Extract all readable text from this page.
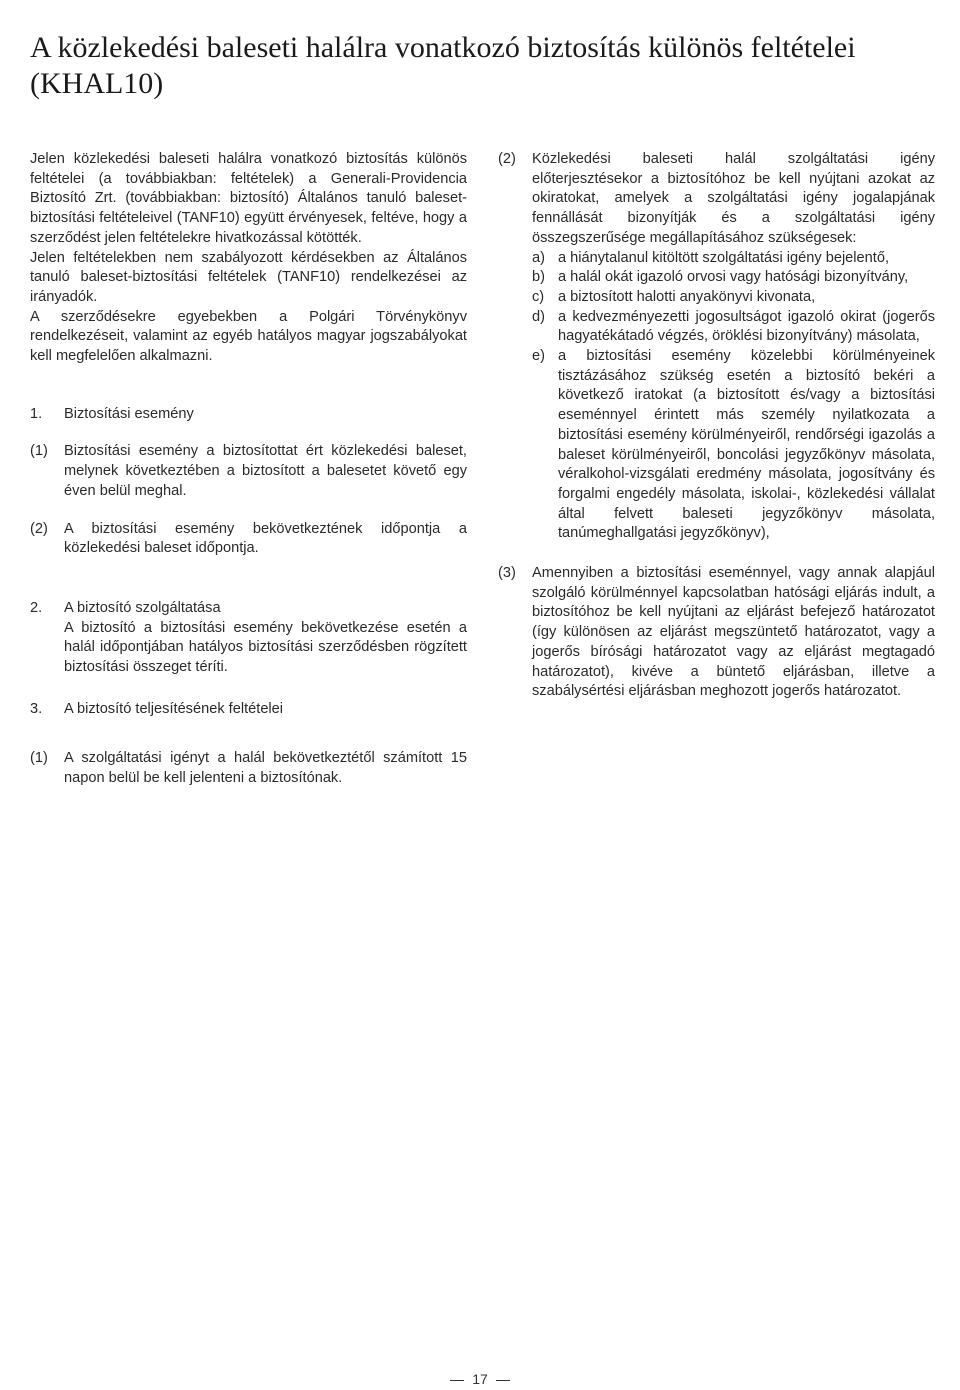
A közlekedési baleseti halálra vonatkozó biztosítás különös feltételei (KHAL10)

Jelen közlekedési baleseti halálra vonatkozó biztosítás különös feltételei (a továbbiakban: feltételek) a Generali-Providencia Biztosító Zrt. (továbbiakban: biztosító) Általános tanuló baleset-biztosítási feltételeivel (TANF10) együtt érvényesek, feltéve, hogy a szerződést jelen feltételekre hivatkozással kötötték.

Jelen feltételekben nem szabályozott kérdésekben az Általános tanuló baleset-biztosítási feltételek (TANF10) rendelkezései az irányadók.

A szerződésekre egyebekben a Polgári Törvénykönyv rendelkezéseit, valamint az egyéb hatályos magyar jogszabályokat kell megfelelően alkalmazni.

1.	Biztosítási esemény
(1)	Biztosítási esemény a biztosítottat ért közlekedési baleset, melynek következtében a biztosított a balesetet követő egy éven belül meghal.
(2)	A biztosítási esemény bekövetkeztének időpontja a közlekedési baleset időpontja.
2.	A biztosító szolgáltatása

A biztosító a biztosítási esemény bekövetkezése esetén a halál időpontjában hatályos biztosítási szerződésben rögzített biztosítási összeget téríti.

3.	A biztosító teljesítésének feltételei
(1)	A szolgáltatási igényt a halál bekövetkeztétől számított 15 napon belül be kell jelenteni a biztosítónak.
(2)	Közlekedési baleseti halál szolgáltatási igény előterjesztésekor a biztosítóhoz be kell nyújtani azokat az okiratokat, amelyek a szolgáltatási igény jogalapjának fennállását bizonyítják és a szolgáltatási igény összegszerűsége megállapításához szükségesek:

a) a hiánytalanul kitöltött szolgáltatási igény bejelentő,
b) a halál okát igazoló orvosi vagy hatósági bizonyítvány,
c) a biztosított halotti anyakönyvi kivonata,
d) a kedvezményezetti jogosultságot igazoló okirat (jogerős hagyatékátadó végzés, öröklési bizonyítvány) másolata,
e) a biztosítási esemény közelebbi körülményeinek tisztázásához szükség esetén a biztosító bekéri a következő iratokat (a biztosított és/vagy a biztosítási eseménnyel érintett más személy nyilatkozata a biztosítási esemény körülményeiről, rendőrségi igazolás a baleset körülményeiről, boncolási jegyzőkönyv másolata, véralkohol-vizsgálati eredmény másolata, jogosítvány és forgalmi engedély másolata, iskolai-, közlekedési vállalat által felvett baleseti jegyzőkönyv másolata, tanúmeghallgatási jegyzőkönyv),
(3)	Amennyiben a biztosítási eseménnyel, vagy annak alapjául szolgáló körülménnyel kapcsolatban hatósági eljárás indult, a biztosítóhoz be kell nyújtani az eljárást befejező határozatot (így különösen az eljárást megszüntető határozatot, vagy a jogerős bírósági határozatot vagy az eljárást megtagadó határozatot), kivéve a büntető eljárásban, illetve a szabálysértési eljárásban meghozott jogerős határozatot.
17
